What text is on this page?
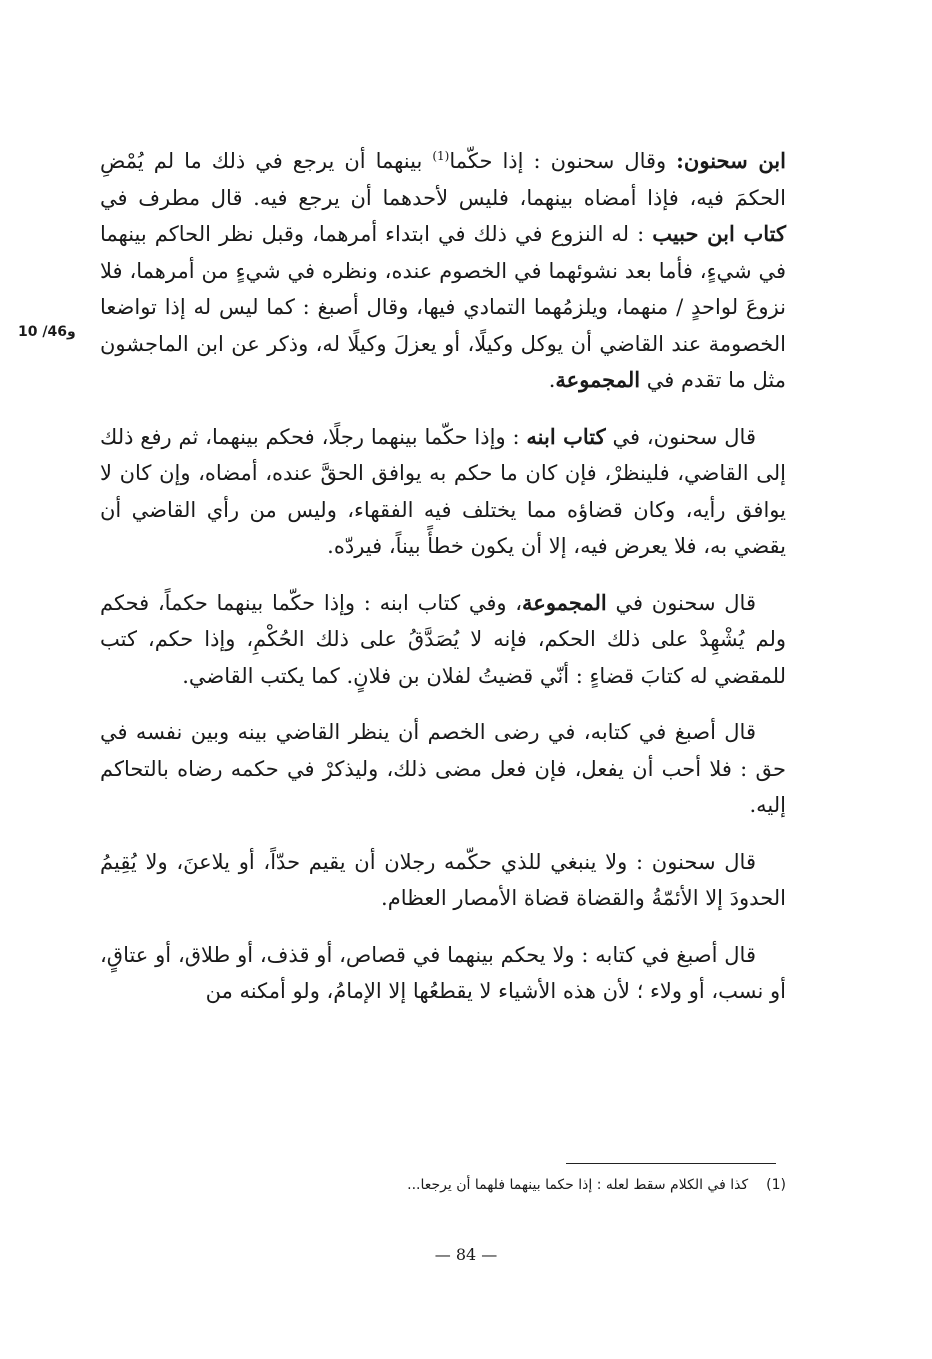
و46/ 10

ابن سحنون: وقال سحنون : إذا حكّما$^{(1)}$ بينهما أن يرجع في ذلك ما لم يُمْضِ الحكمَ فيه، فإذا أمضاه بينهما، فليس لأحدهما أن يرجع فيه. قال مطرف في كتاب ابن حبيب : له النزوع في ذلك في ابتداء أمرهما، وقبل نظر الحاكم بينهما في شيءٍ، فأما بعد نشوئهما في الخصوم عنده، ونظره في شيءٍ من أمرهما، فلا نزوعَ لواحدٍ / منهما، ويلزمُهما التمادي فيها، وقال أصبغ : كما ليس له إذا تواضعا الخصومة عند القاضي أن يوكل وكيلًا، أو يعزلَ وكيلًا له، وذكر عن ابن الماجشون مثل ما تقدم في المجموعة.

قال سحنون، في كتاب ابنه : وإذا حكّما بينهما رجلًا، فحكم بينهما، ثم رفع ذلك إلى القاضي، فلينظرْ، فإن كان ما حكم به يوافق الحقَّ عنده، أمضاه، وإن كان لا يوافق رأيه، وكان قضاؤه مما يختلف فيه الفقهاء، وليس من رأي القاضي أن يقضي به، فلا يعرض فيه، إلا أن يكون خطأً بيناً، فيردّه.

قال سحنون في المجموعة، وفي كتاب ابنه : وإذا حكّما بينهما حكماً، فحكم ولم يُشْهِدْ على ذلك الحكم، فإنه لا يُصَدَّقُ على ذلك الحُكْمِ، وإذا حكم، كتب للمقضي له كتابَ قضاءٍ : أنّي قضيتُ لفلان بن فلانٍ. كما يكتب القاضي.

قال أصبغ في كتابه، في رضى الخصم أن ينظر القاضي بينه وبين نفسه في حق : فلا أحب أن يفعل، فإن فعل مضى ذلك، وليذكرْ في حكمه رضاه بالتحاكم إليه.

قال سحنون : ولا ينبغي للذي حكّمه رجلان أن يقيم حدّاً، أو يلاعنَ، ولا يُقِيمُ الحدودَ إلا الأئمّةُ والقضاة قضاة الأمصار العظام.

قال أصبغ في كتابه : ولا يحكم بينهما في قصاص، أو قذف، أو طلاق، أو عتاقٍ، أو نسب، أو ولاء ؛ لأن هذه الأشياء لا يقطعُها إلا الإمامُ، ولو أمكنه من

(1)كذا في الكلام سقط لعله : إذا حكما بينهما فلهما أن يرجعا...
— 84 —
